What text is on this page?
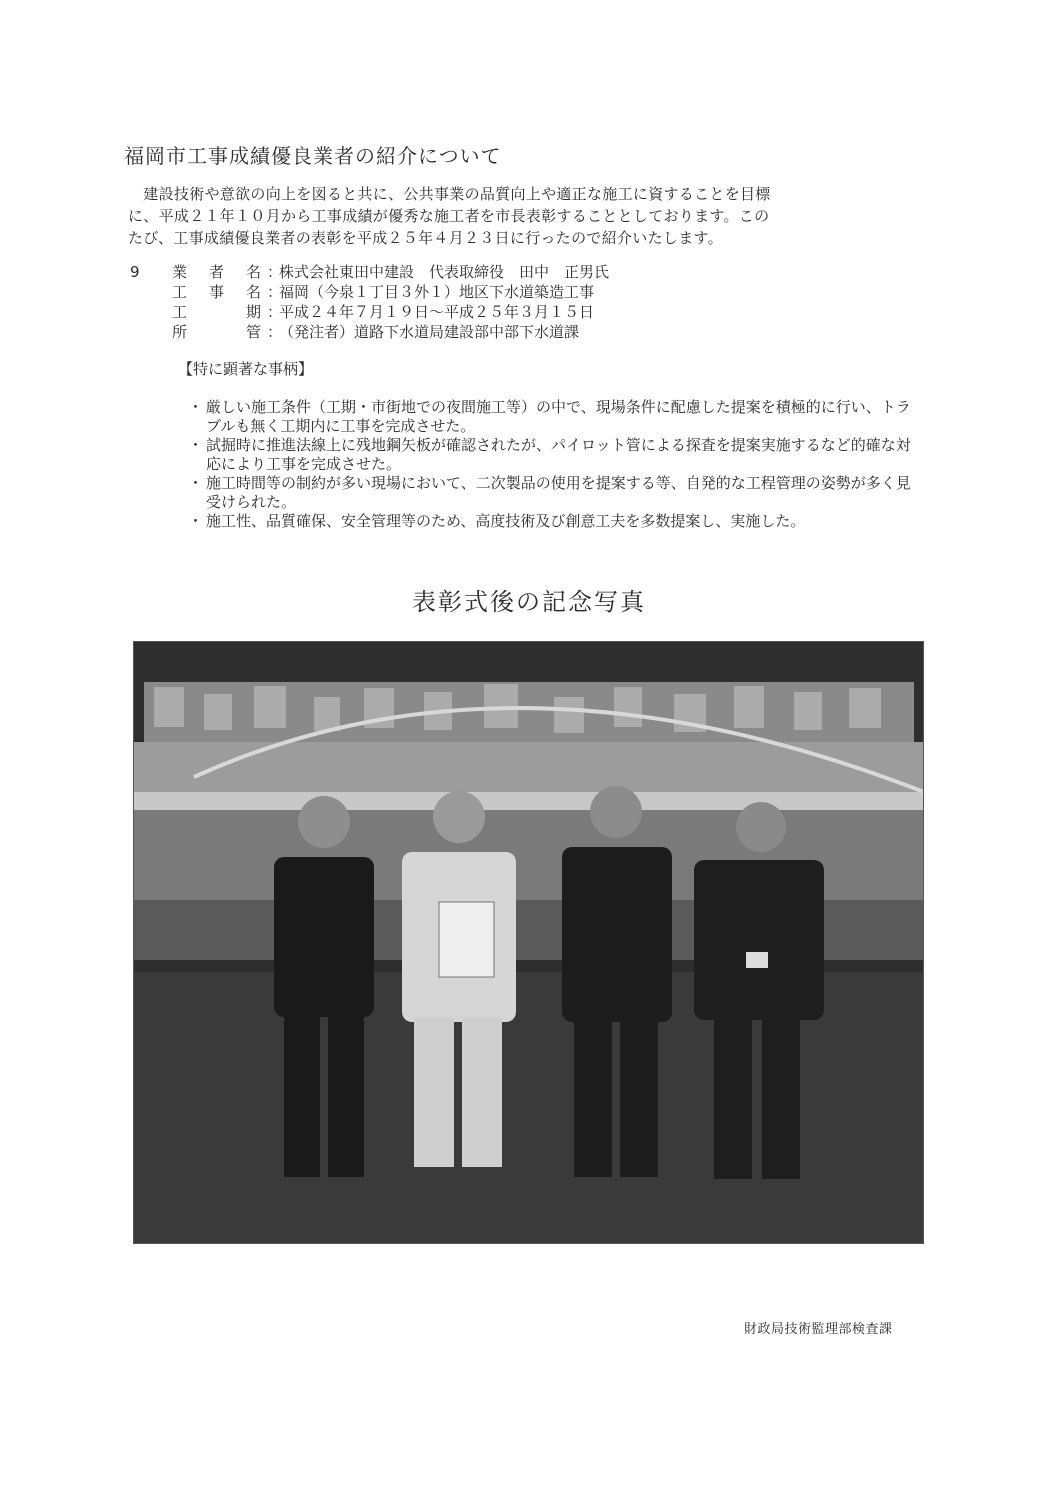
福岡市工事成績優良業者の紹介について

　建設技術や意欲の向上を図ると共に、公共事業の品質向上や適正な施工に資することを目標

に、平成２１年１０月から工事成績が優秀な施工者を市長表彰することとしております。この

たび、工事成績優良業者の表彰を平成２５年４月２３日に行ったので紹介いたします。

9	業 者 名 ：
株式会社東田中建設　代表取締役　田中　正男氏
工 事 名 ：
福岡（今泉１丁目３外１）地区下水道築造工事
工 期 ：
平成２４年７月１９日～平成２５年３月１５日
所 管 ：
（発注者）道路下水道局建設部中部下水道課
【特に顕著な事柄】
・ 厳しい施工条件（工期・市街地での夜間施工等）の中で、現場条件に配慮した提案を積極的に行い、トラブルも無く工期内に工事を完成させた。
・ 試掘時に推進法線上に残地鋼矢板が確認されたが、パイロット管による探査を提案実施するなど的確な対応により工事を完成させた。
・ 施工時間等の制約が多い現場において、二次製品の使用を提案する等、自発的な工程管理の姿勢が多く見受けられた。
・ 施工性、品質確保、安全管理等のため、高度技術及び創意工夫を多数提案し、実施した。
表彰式後の記念写真
財政局技術監理部検査課
